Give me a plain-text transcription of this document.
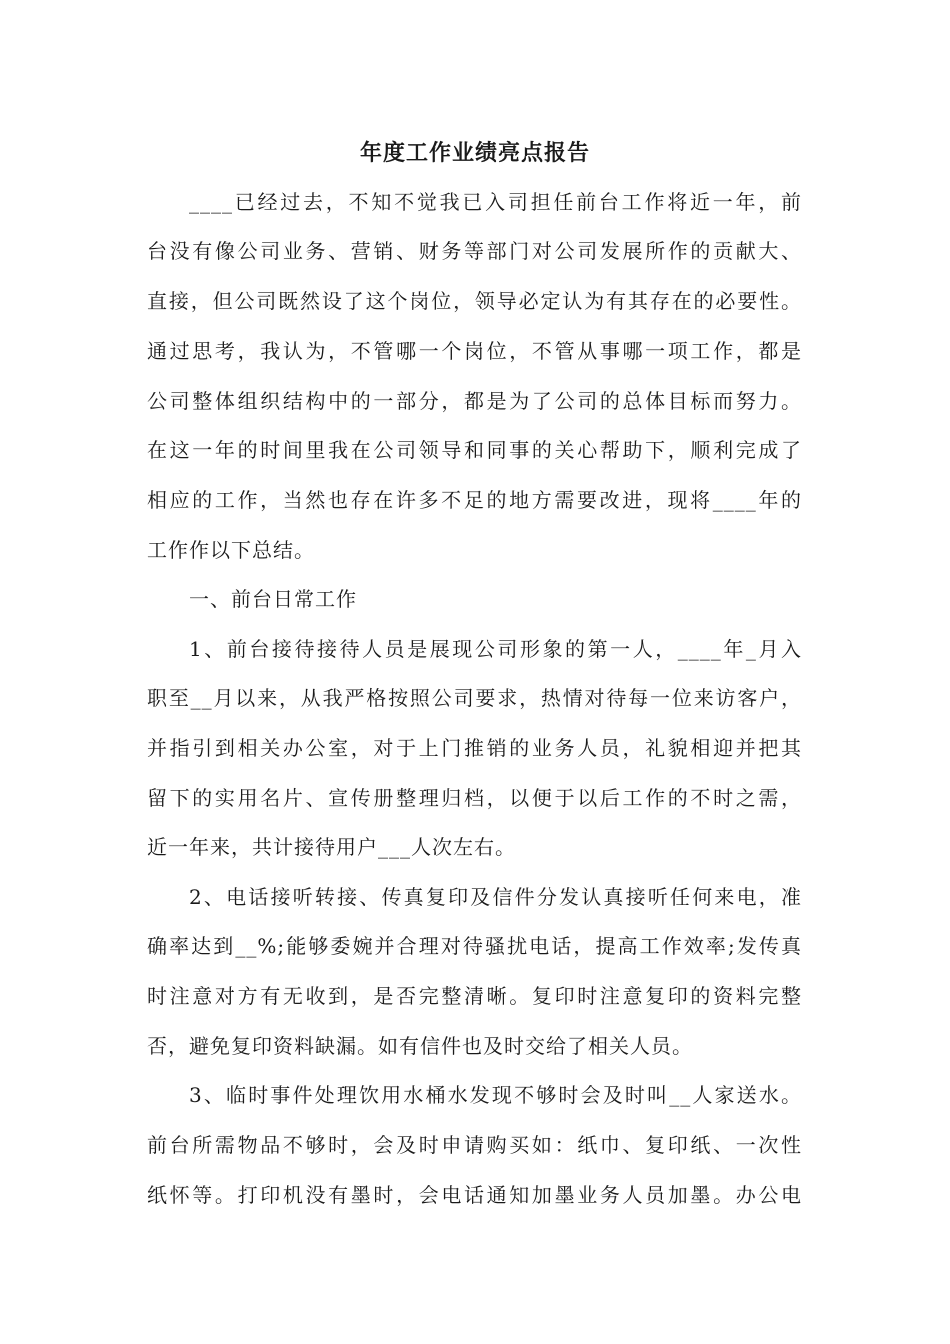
年度工作业绩亮点报告
____已经过去，不知不觉我已入司担任前台工作将近一年，前
台没有像公司业务、营销、财务等部门对公司发展所作的贡献大、
直接，但公司既然设了这个岗位，领导必定认为有其存在的必要性。
通过思考，我认为，不管哪一个岗位，不管从事哪一项工作，都是
公司整体组织结构中的一部分，都是为了公司的总体目标而努力。
在这一年的时间里我在公司领导和同事的关心帮助下，顺利完成了
相应的工作，当然也存在许多不足的地方需要改进，现将____年的
工作作以下总结。
一、前台日常工作
1、前台接待接待人员是展现公司形象的第一人，____年_月入
职至__月以来，从我严格按照公司要求，热情对待每一位来访客户，
并指引到相关办公室，对于上门推销的业务人员，礼貌相迎并把其
留下的实用名片、宣传册整理归档，以便于以后工作的不时之需，
近一年来，共计接待用户___人次左右。
2、电话接听转接、传真复印及信件分发认真接听任何来电，准
确率达到__%;能够委婉并合理对待骚扰电话，提高工作效率;发传真
时注意对方有无收到，是否完整清晰。复印时注意复印的资料完整
否，避免复印资料缺漏。如有信件也及时交给了相关人员。
3、临时事件处理饮用水桶水发现不够时会及时叫__人家送水。
前台所需物品不够时，会及时申请购买如：纸巾、复印纸、一次性
纸怀等。打印机没有墨时，会电话通知加墨业务人员加墨。办公电
